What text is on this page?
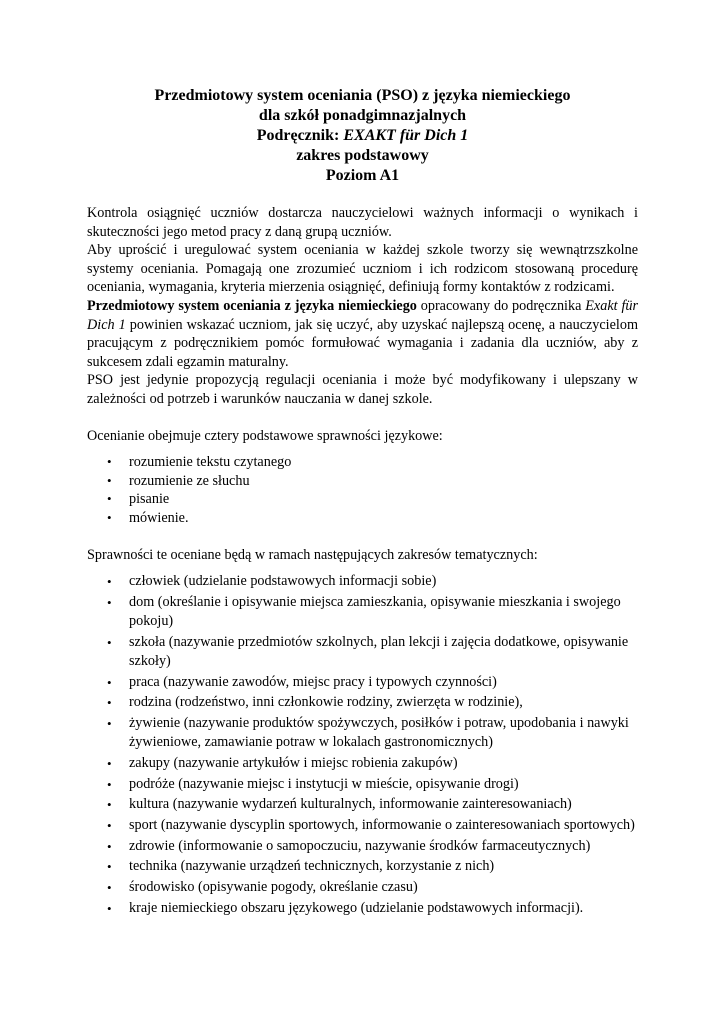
Przedmiotowy system oceniania (PSO) z języka niemieckiego
dla szkół ponadgimnazjalnych
Podręcznik: EXAKT für Dich 1
zakres podstawowy
Poziom A1

Kontrola osiągnięć uczniów dostarcza nauczycielowi ważnych informacji o wynikach i skuteczności jego metod pracy z daną grupą uczniów.

Aby uprościć i uregulować system oceniania w każdej szkole tworzy się wewnątrzszkolne systemy oceniania. Pomagają one zrozumieć uczniom i ich rodzicom stosowaną procedurę oceniania, wymagania, kryteria mierzenia osiągnięć, definiują formy kontaktów z rodzicami.

Przedmiotowy system oceniania z języka niemieckiego opracowany do podręcznika Exakt für Dich 1 powinien wskazać uczniom, jak się uczyć, aby uzyskać najlepszą ocenę, a nauczycielom pracującym z podręcznikiem pomóc formułować wymagania i zadania dla uczniów, aby z sukcesem zdali egzamin maturalny.

PSO jest jedynie propozycją regulacji oceniania i może być modyfikowany i ulepszany w zależności od potrzeb i warunków nauczania w danej szkole.

Ocenianie obejmuje cztery podstawowe sprawności językowe:
• rozumienie tekstu czytanego
• rozumienie ze słuchu
• pisanie
• mówienie.
Sprawności te oceniane będą w ramach następujących zakresów tematycznych:
• człowiek (udzielanie podstawowych informacji sobie)
• dom (określanie i opisywanie miejsca zamieszkania, opisywanie mieszkania i swojego pokoju)
• szkoła (nazywanie przedmiotów szkolnych, plan lekcji i zajęcia dodatkowe, opisywanie szkoły)
• praca (nazywanie zawodów, miejsc pracy i typowych czynności)
• rodzina (rodzeństwo, inni członkowie rodziny, zwierzęta w rodzinie),
• żywienie (nazywanie produktów spożywczych, posiłków i potraw, upodobania i nawyki żywieniowe, zamawianie potraw w lokalach gastronomicznych)
• zakupy (nazywanie artykułów i miejsc robienia zakupów)
• podróże (nazywanie miejsc i instytucji w mieście, opisywanie drogi)
• kultura (nazywanie wydarzeń kulturalnych, informowanie zainteresowaniach)
• sport (nazywanie dyscyplin sportowych, informowanie o zainteresowaniach sportowych)
• zdrowie (informowanie o samopoczuciu, nazywanie środków farmaceutycznych)
• technika (nazywanie urządzeń technicznych, korzystanie z nich)
• środowisko (opisywanie pogody, określanie czasu)
• kraje niemieckiego obszaru językowego (udzielanie podstawowych informacji).
